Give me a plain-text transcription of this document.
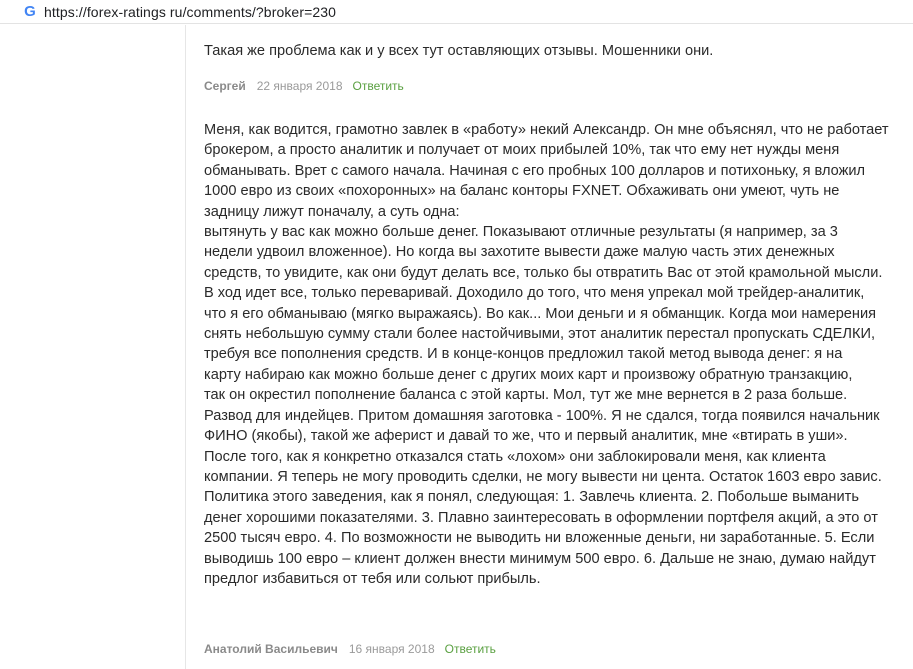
G https://forex-ratings ru/comments/?broker=230

Такая же проблема как и у всех тут оставляющих отзывы. Мошенники они.

Сергей 22 января 2018 Ответить

Меня, как водится, грамотно завлек в «работу» некий Александр. Он мне объяснял, что не работает
брокером, а просто аналитик и получает от моих прибылей 10%, так что ему нет нужды меня
обманывать. Врет с самого начала. Начиная с его пробных 100 долларов и потихоньку, я вложил
1000 евро из своих «похоронных» на баланс конторы FXNET. Обхаживать они умеют, чуть не
задницу лижут поначалу, а суть одна:
вытянуть у вас как можно больше денег. Показывают отличные результаты (я например, за 3
недели удвоил вложенное). Но когда вы захотите вывести даже малую часть этих денежных
средств, то увидите, как они будут делать все, только бы отвратить Вас от этой крамольной мысли.
В ход идет все, только переваривай. Доходило до того, что меня упрекал мой трейдер-аналитик,
что я его обманываю (мягко выражаясь). Во как... Мои деньги и я обманщик. Когда мои намерения
снять небольшую сумму стали более настойчивыми, этот аналитик перестал пропускать СДЕЛКИ,
требуя все пополнения средств. И в конце-концов предложил такой метод вывода денег: я на
карту набираю как можно больше денег с других моих карт и произвожу обратную транзакцию,
так он окрестил пополнение баланса с этой карты. Мол, тут же мне вернется в 2 раза больше.
Развод для индейцев. Притом домашняя заготовка - 100%. Я не сдался, тогда появился начальник
ФИНО (якобы), такой же аферист и давай то же, что и первый аналитик, мне «втирать в уши».
После того, как я конкретно отказался стать «лохом» они заблокировали меня, как клиента
компании. Я теперь не могу проводить сделки, не могу вывести ни цента. Остаток 1603 евро завис.
Политика этого заведения, как я понял, следующая: 1. Завлечь клиента. 2. Побольше выманить
денег хорошими показателями. 3. Плавно заинтересовать в оформлении портфеля акций, а это от
2500 тысяч евро. 4. По возможности не выводить ни вложенные деньги, ни заработанные. 5. Если
выводишь 100 евро – клиент должен внести минимум 500 евро. 6. Дальше не знаю, думаю найдут
предлог избавиться от тебя или сольют прибыль.

Анатолий Васильевич 16 января 2018 Ответить
